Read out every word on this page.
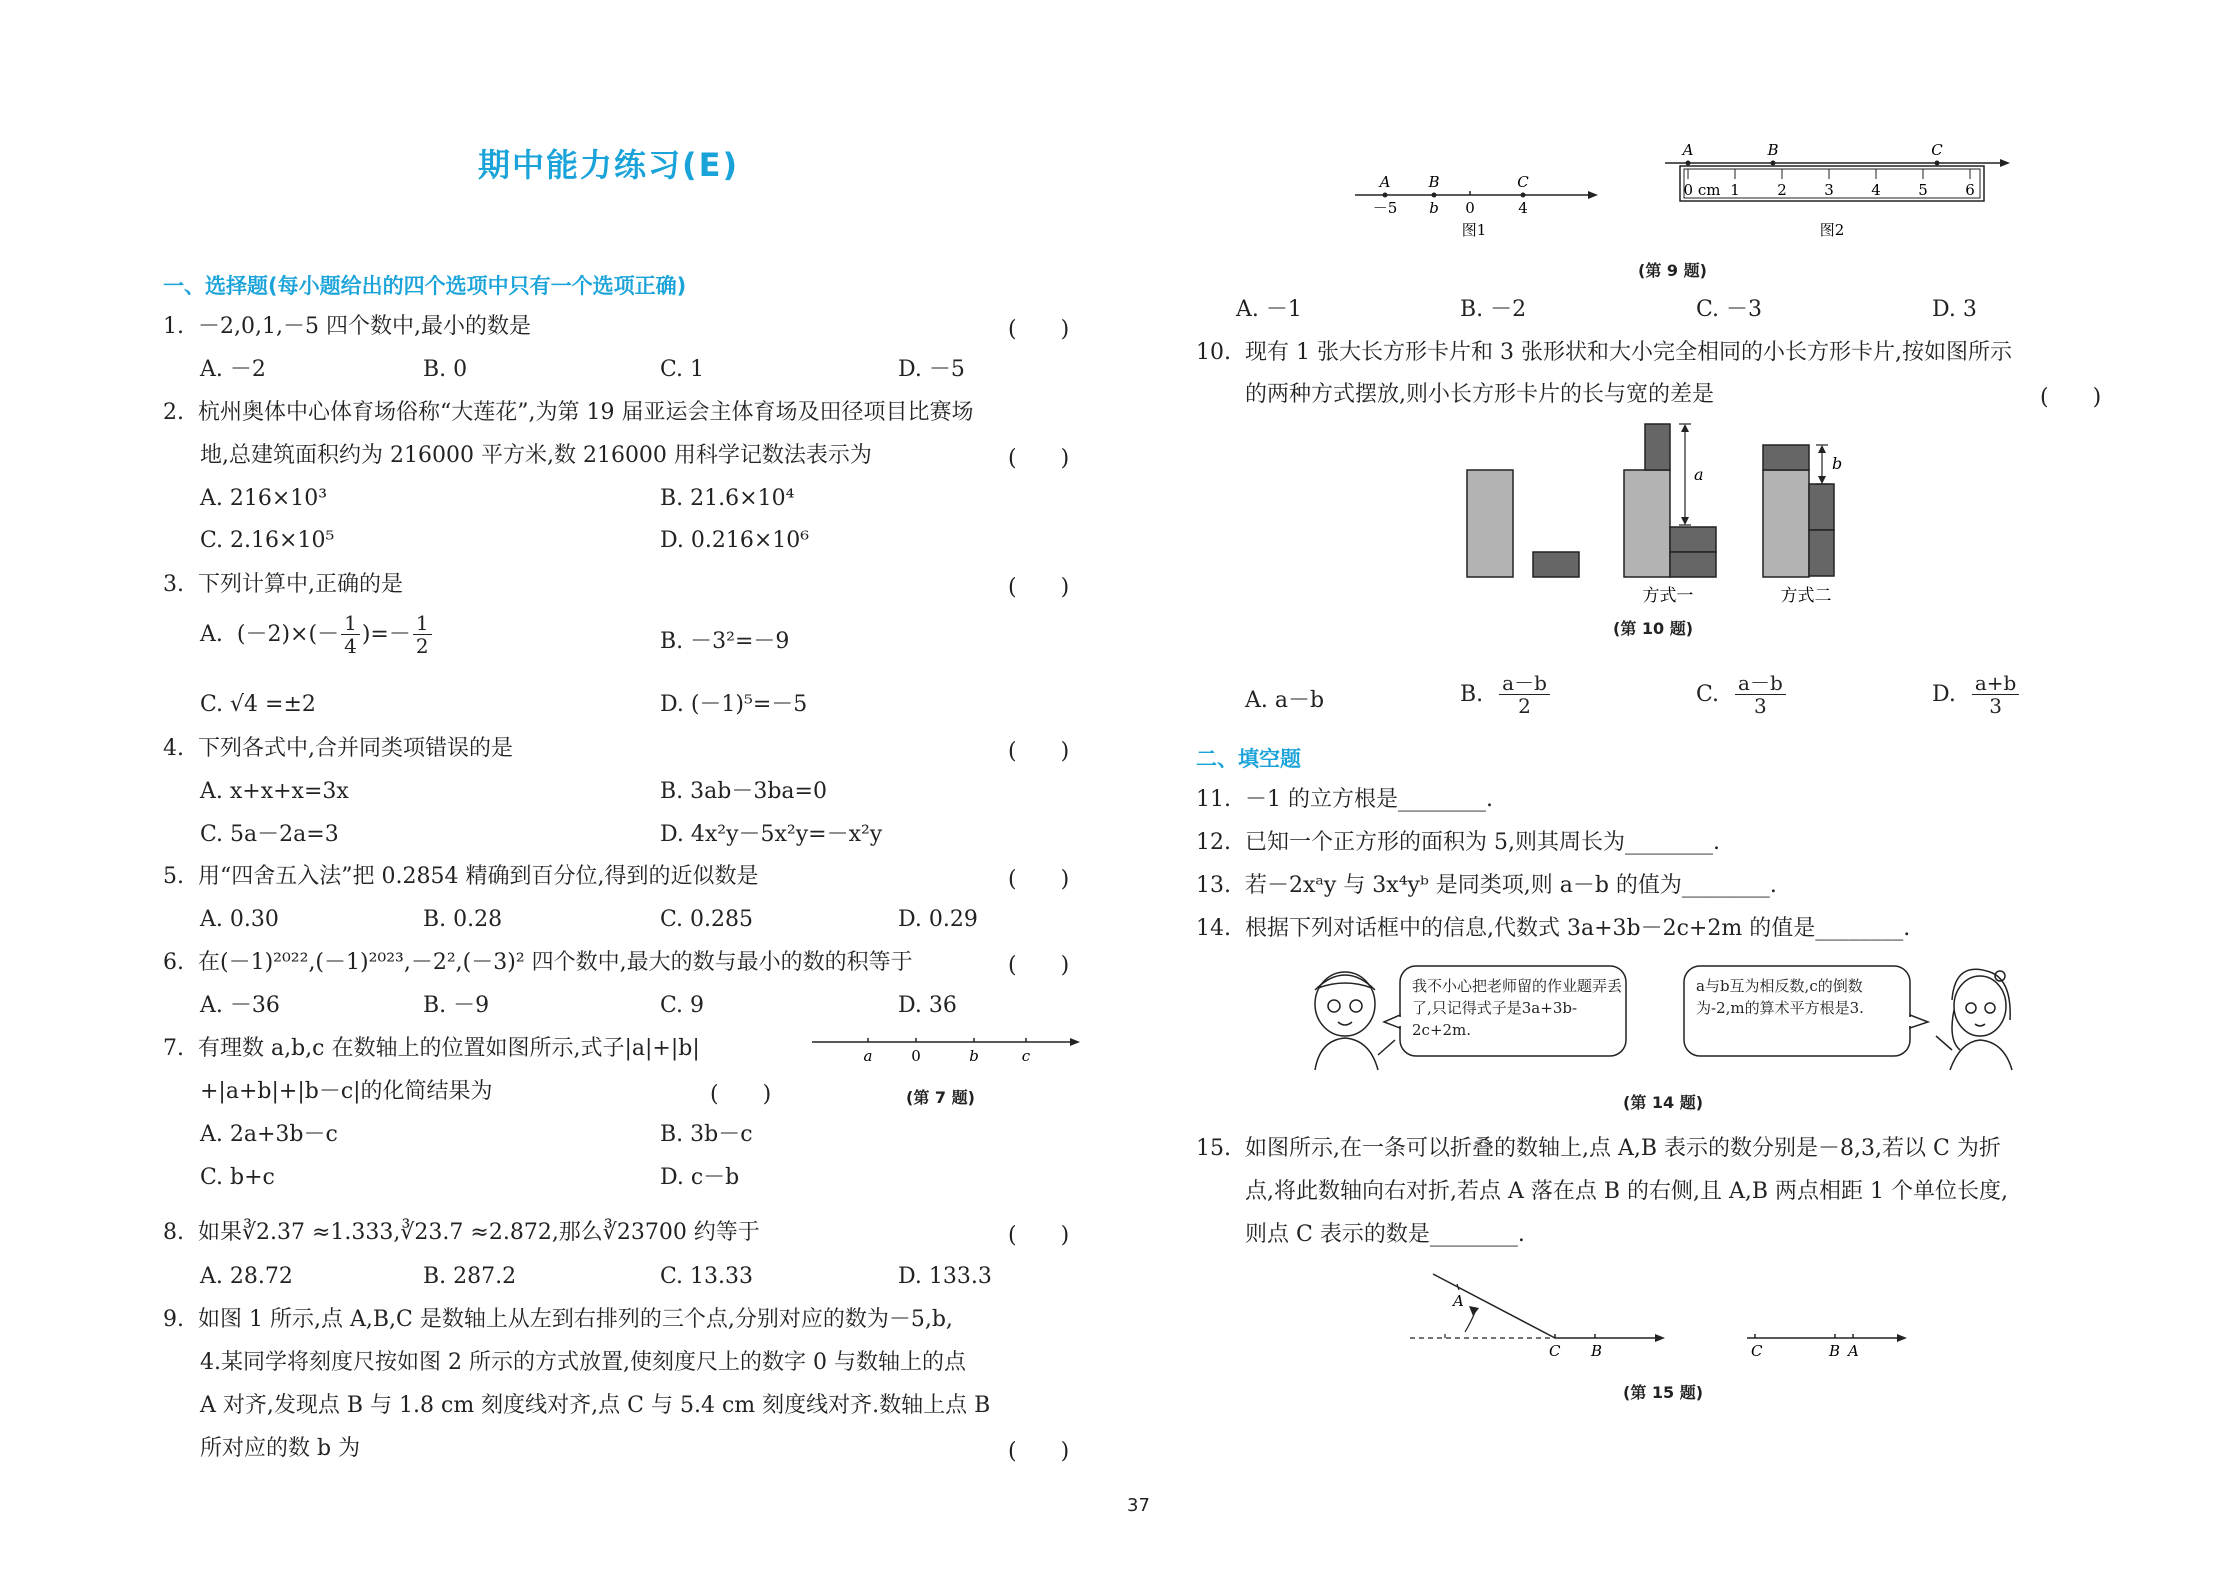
期中能力练习(E)
一、选择题(每小题给出的四个选项中只有一个选项正确)
1. －2,0,1,－5 四个数中,最小的数是	(　　)
A. －2	B. 0	C. 1	D. －5
2. 杭州奥体中心体育场俗称“大莲花”,为第 19 届亚运会主体育场及田径项目比赛场
地,总建筑面积约为 216000 平方米,数 216000 用科学记数法表示为	(　　)
A. 216×10³	B. 21.6×10⁴
C. 2.16×10⁵	D. 0.216×10⁶
3. 下列计算中,正确的是	(　　)
A.
$(-2)\times(- \frac{1}{4}$ )=－ $\frac{1}{2}$	B. －3²=－9
C. √4 =±2	D. (－1)⁵=－5
4. 下列各式中,合并同类项错误的是	(　　)
A. x+x+x=3x	B. 3ab－3ba=0
C. 5a－2a=3	D. 4x²y－5x²y=－x²y
5. 用“四舍五入法”把 0.2854 精确到百分位,得到的近似数是	(　　)
A. 0.30	B. 0.28	C. 0.285	D. 0.29
6. 在(－1)²⁰²²,(－1)²⁰²³,－2²,(－3)² 四个数中,最大的数与最小的数的积等于	(　　)
A. －36	B. －9	C. 9	D. 36
7. 有理数 a,b,c 在数轴上的位置如图所示,式子|a|+|b|
+|a+b|+|b－c|的化简结果为	(　　)
a	0	b	c
(第 7 题)
A. 2a+3b－c	B. 3b－c
C. b+c	D. c－b
8. 如果∛2.37 ≈1.333,∛23.7 ≈2.872,那么∛23700 约等于	(　　)
A. 28.72	B. 287.2	C. 13.33	D. 133.3
9. 如图 1 所示,点 A,B,C 是数轴上从左到右排列的三个点,分别对应的数为－5,b,
4.某同学将刻度尺按如图 2 所示的方式放置,使刻度尺上的数字 0 与数轴上的点
A 对齐,发现点 B 与 1.8 cm 刻度线对齐,点 C 与 5.4 cm 刻度线对齐.数轴上点 B
所对应的数 b 为	(　　)
37
A	B	C
－5 b 0	4
图1
A	B	C
0 cm 1 2 3 4 5 6
图2
(第 9 题)
A. －1	B. －2	C. －3	D. 3
10. 现有 1 张大长方形卡片和 3 张形状和大小完全相同的小长方形卡片,按如图所示
的两种方式摆放,则小长方形卡片的长与宽的差是	(　　)
a
b
方式一	方式二
(第 10 题)
A. a－b	B.
$\frac{a-b}{2}$	C.
$\frac{a-b}{3}$	D.
$\frac{a+b}{3}$
二、填空题
11. －1 的立方根是________.
12. 已知一个正方形的面积为 5,则其周长为________.
13. 若－2xᵃy 与 3x⁴yᵇ 是同类项,则 a－b 的值为________.
14. 根据下列对话框中的信息,代数式 3a+3b－2c+2m 的值是________.
我不小心把老师留的作业题弄丢了,只记得式子是3a+3b-2c+2m.
a与b互为相反数,c的倒数为-2,m的算术平方根是3.
(第 14 题)
15. 如图所示,在一条可以折叠的数轴上,点 A,B 表示的数分别是－8,3,若以 C 为折
点,将此数轴向右对折,若点 A 落在点 B 的右侧,且 A,B 两点相距 1 个单位长度,
则点 C 表示的数是________.
A
C B	C	B A
(第 15 题)
